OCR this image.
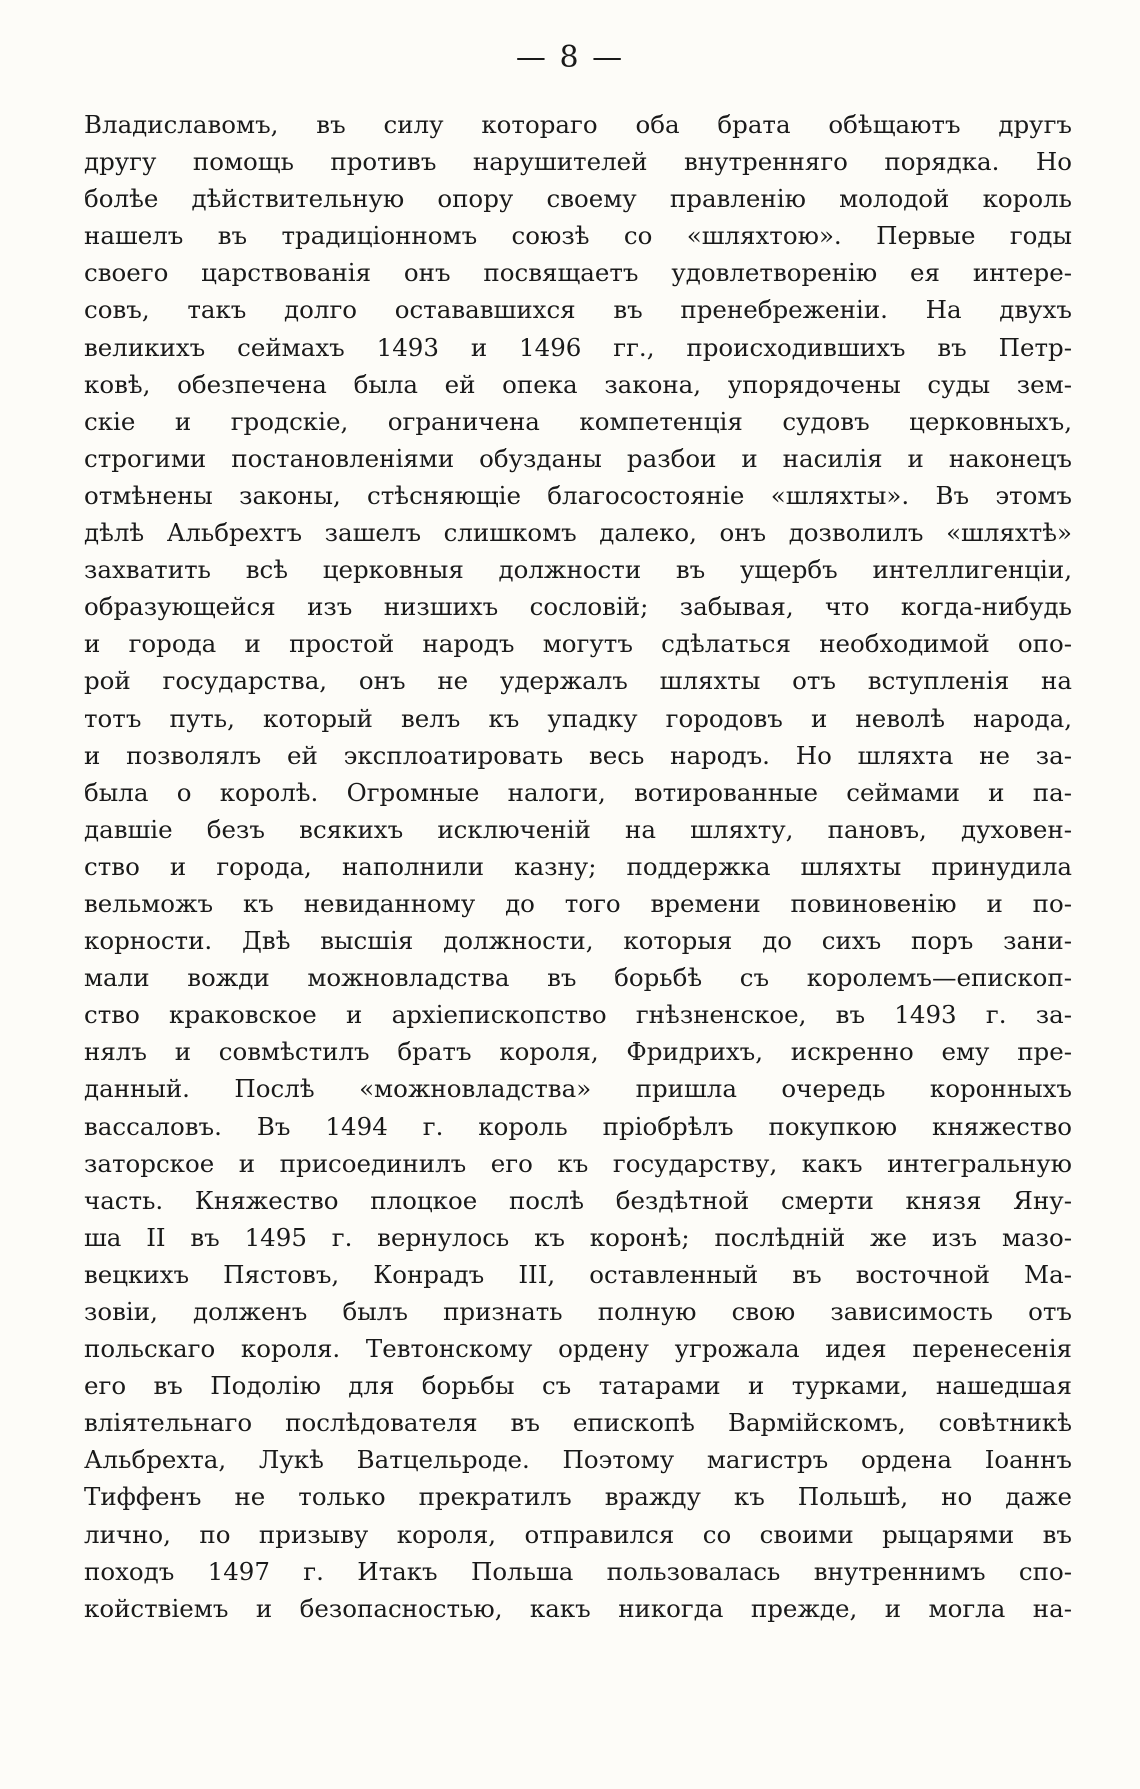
— 8 —
Владиславомъ, въ силу котораго оба брата обѣщаютъ другъ
другу помощь противъ нарушителей внутренняго порядка. Но
болѣе дѣйствительную опору своему правленію молодой король
нашелъ въ традиціонномъ союзѣ со «шляхтою». Первые годы
своего царствованія онъ посвящаетъ удовлетворенію ея интере-
совъ, такъ долго остававшихся въ пренебреженіи. На двухъ
великихъ сеймахъ 1493 и 1496 гг., происходившихъ въ Петр-
ковѣ, обезпечена была ей опека закона, упорядочены суды зем-
скіе и гродскіе, ограничена компетенція судовъ церковныхъ,
строгими постановленіями обузданы разбои и насилія и наконецъ
отмѣнены законы, стѣсняющіе благосостояніе «шляхты». Въ этомъ
дѣлѣ Альбрехтъ зашелъ слишкомъ далеко, онъ дозволилъ «шляхтѣ»
захватить всѣ церковныя должности въ ущербъ интеллигенціи,
образующейся изъ низшихъ сословій; забывая, что когда-нибудь
и города и простой народъ могутъ сдѣлаться необходимой опо-
рой государства, онъ не удержалъ шляхты отъ вступленія на
тотъ путь, который велъ къ упадку городовъ и неволѣ народа,
и позволялъ ей эксплоатировать весь народъ. Но шляхта не за-
была о королѣ. Огромные налоги, вотированные сеймами и па-
давшіе безъ всякихъ исключеній на шляхту, пановъ, духовен-
ство и города, наполнили казну; поддержка шляхты принудила
вельможъ къ невиданному до того времени повиновенію и по-
корности. Двѣ высшія должности, которыя до сихъ поръ зани-
мали вожди можновладства въ борьбѣ съ королемъ—епископ-
ство краковское и архіепископство гнѣзненское, въ 1493 г. за-
нялъ и совмѣстилъ братъ короля, Фридрихъ, искренно ему пре-
данный. Послѣ «можновладства» пришла очередь коронныхъ
вассаловъ. Въ 1494 г. король пріобрѣлъ покупкою княжество
заторское и присоединилъ его къ государству, какъ интегральную
часть. Княжество плоцкое послѣ бездѣтной смерти князя Яну-
ша II въ 1495 г. вернулось къ коронѣ; послѣдній же изъ мазо-
вецкихъ Пястовъ, Конрадъ III, оставленный въ восточной Ма-
зовіи, долженъ былъ признать полную свою зависимость отъ
польскаго короля. Тевтонскому ордену угрожала идея перенесенія
его въ Подолію для борьбы съ татарами и турками, нашедшая
вліятельнаго послѣдователя въ епископѣ Вармійскомъ, совѣтникѣ
Альбрехта, Лукѣ Ватцельроде. Поэтому магистръ ордена Іоаннъ
Тиффенъ не только прекратилъ вражду къ Польшѣ, но даже
лично, по призыву короля, отправился со своими рыцарями въ
походъ 1497 г. Итакъ Польша пользовалась внутреннимъ спо-
койствіемъ и безопасностью, какъ никогда прежде, и могла на-
